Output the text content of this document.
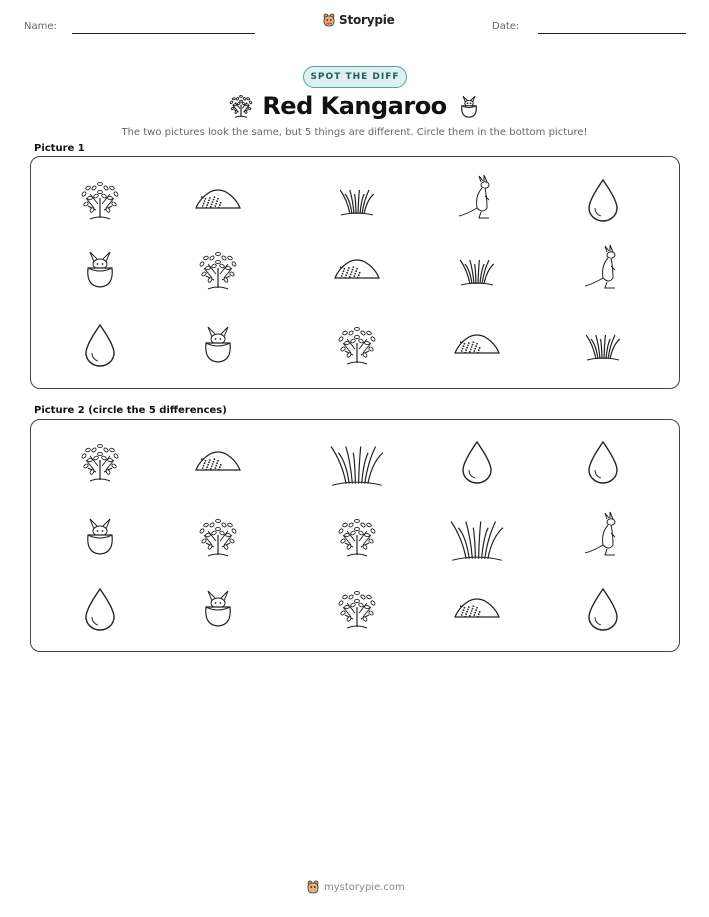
Name:	Storypie	Date:
SPOT THE DIFF
Red Kangaroo
The two pictures look the same, but 5 things are different. Circle them in the bottom picture!
Picture 1
Picture 2 (circle the 5 differences)
mystorypie.com
